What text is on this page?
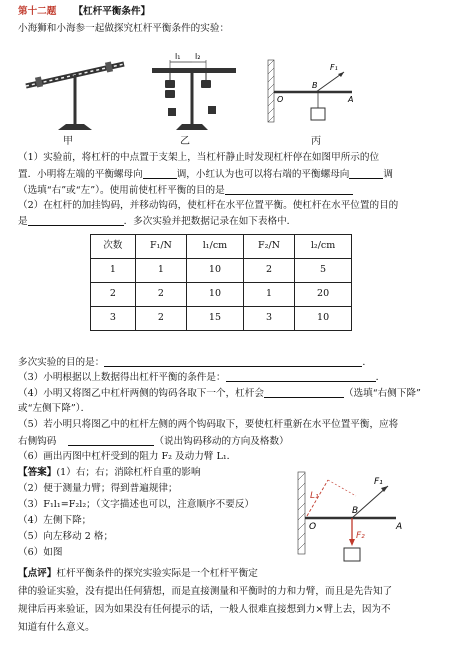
第十二题 【杠杆平衡条件】
小海狮和小海参一起做探究杠杆平衡条件的实验：
l₁ l₂
O
B
A
F₁
甲	乙	丙
（1）实验前，将杠杆的中点置于支架上，当杠杆静止时发现杠杆停在如图甲所示的位
置．小明将左端的平衡螺母向	调，小红认为也可以将右端的平衡螺母向	调
（选填“右”或“左”）。使用前使杠杆平衡的目的是
（2）在杠杆的加挂钩码，并移动钩码，使杠杆在水平位置平衡。使杠杆在水平位置的目的
是	．多次实验并把数据记录在如下表格中．
次数	F₁/N	l₁/cm	F₂/N	l₂/cm
1	1	10	2	5
2	2	10	1	20
3	2	15	3	10
多次实验的目的是：	．
（3）小明根据以上数据得出杠杆平衡的条件是：	．
（4）小明又将图乙中杠杆两侧的钩码各取下一个，杠杆会	（选填“右侧下降”
或“左侧下降”）．
（5）若小明只将图乙中的杠杆左侧的两个钩码取下，要使杠杆重新在水平位置平衡，应将
右侧钩码	（说出钩码移动的方向及格数）
（6）画出丙图中杠杆受到的阻力 F₂ 及动力臂 L₁．
【答案】(1）右；右；消除杠杆自重的影响
（2）便于测量力臂；得到普遍规律；
（3）F₁l₁=F₂l₂；（文字描述也可以，注意顺序不要反）
（4）左侧下降；
（5）向左移动 2 格；
（6）如图
L₁
F₁
F₂
O
B
A
【点评】杠杆平衡条件的探究实验实际是一个杠杆平衡定
律的验证实验，没有提出任何猜想，而是直接测量和平衡时的力和力臂，而且是先告知了
规律后再来验证，因为如果没有任何提示的话，一般人很难直接想到力×臂上去，因为不
知道有什么意义。
